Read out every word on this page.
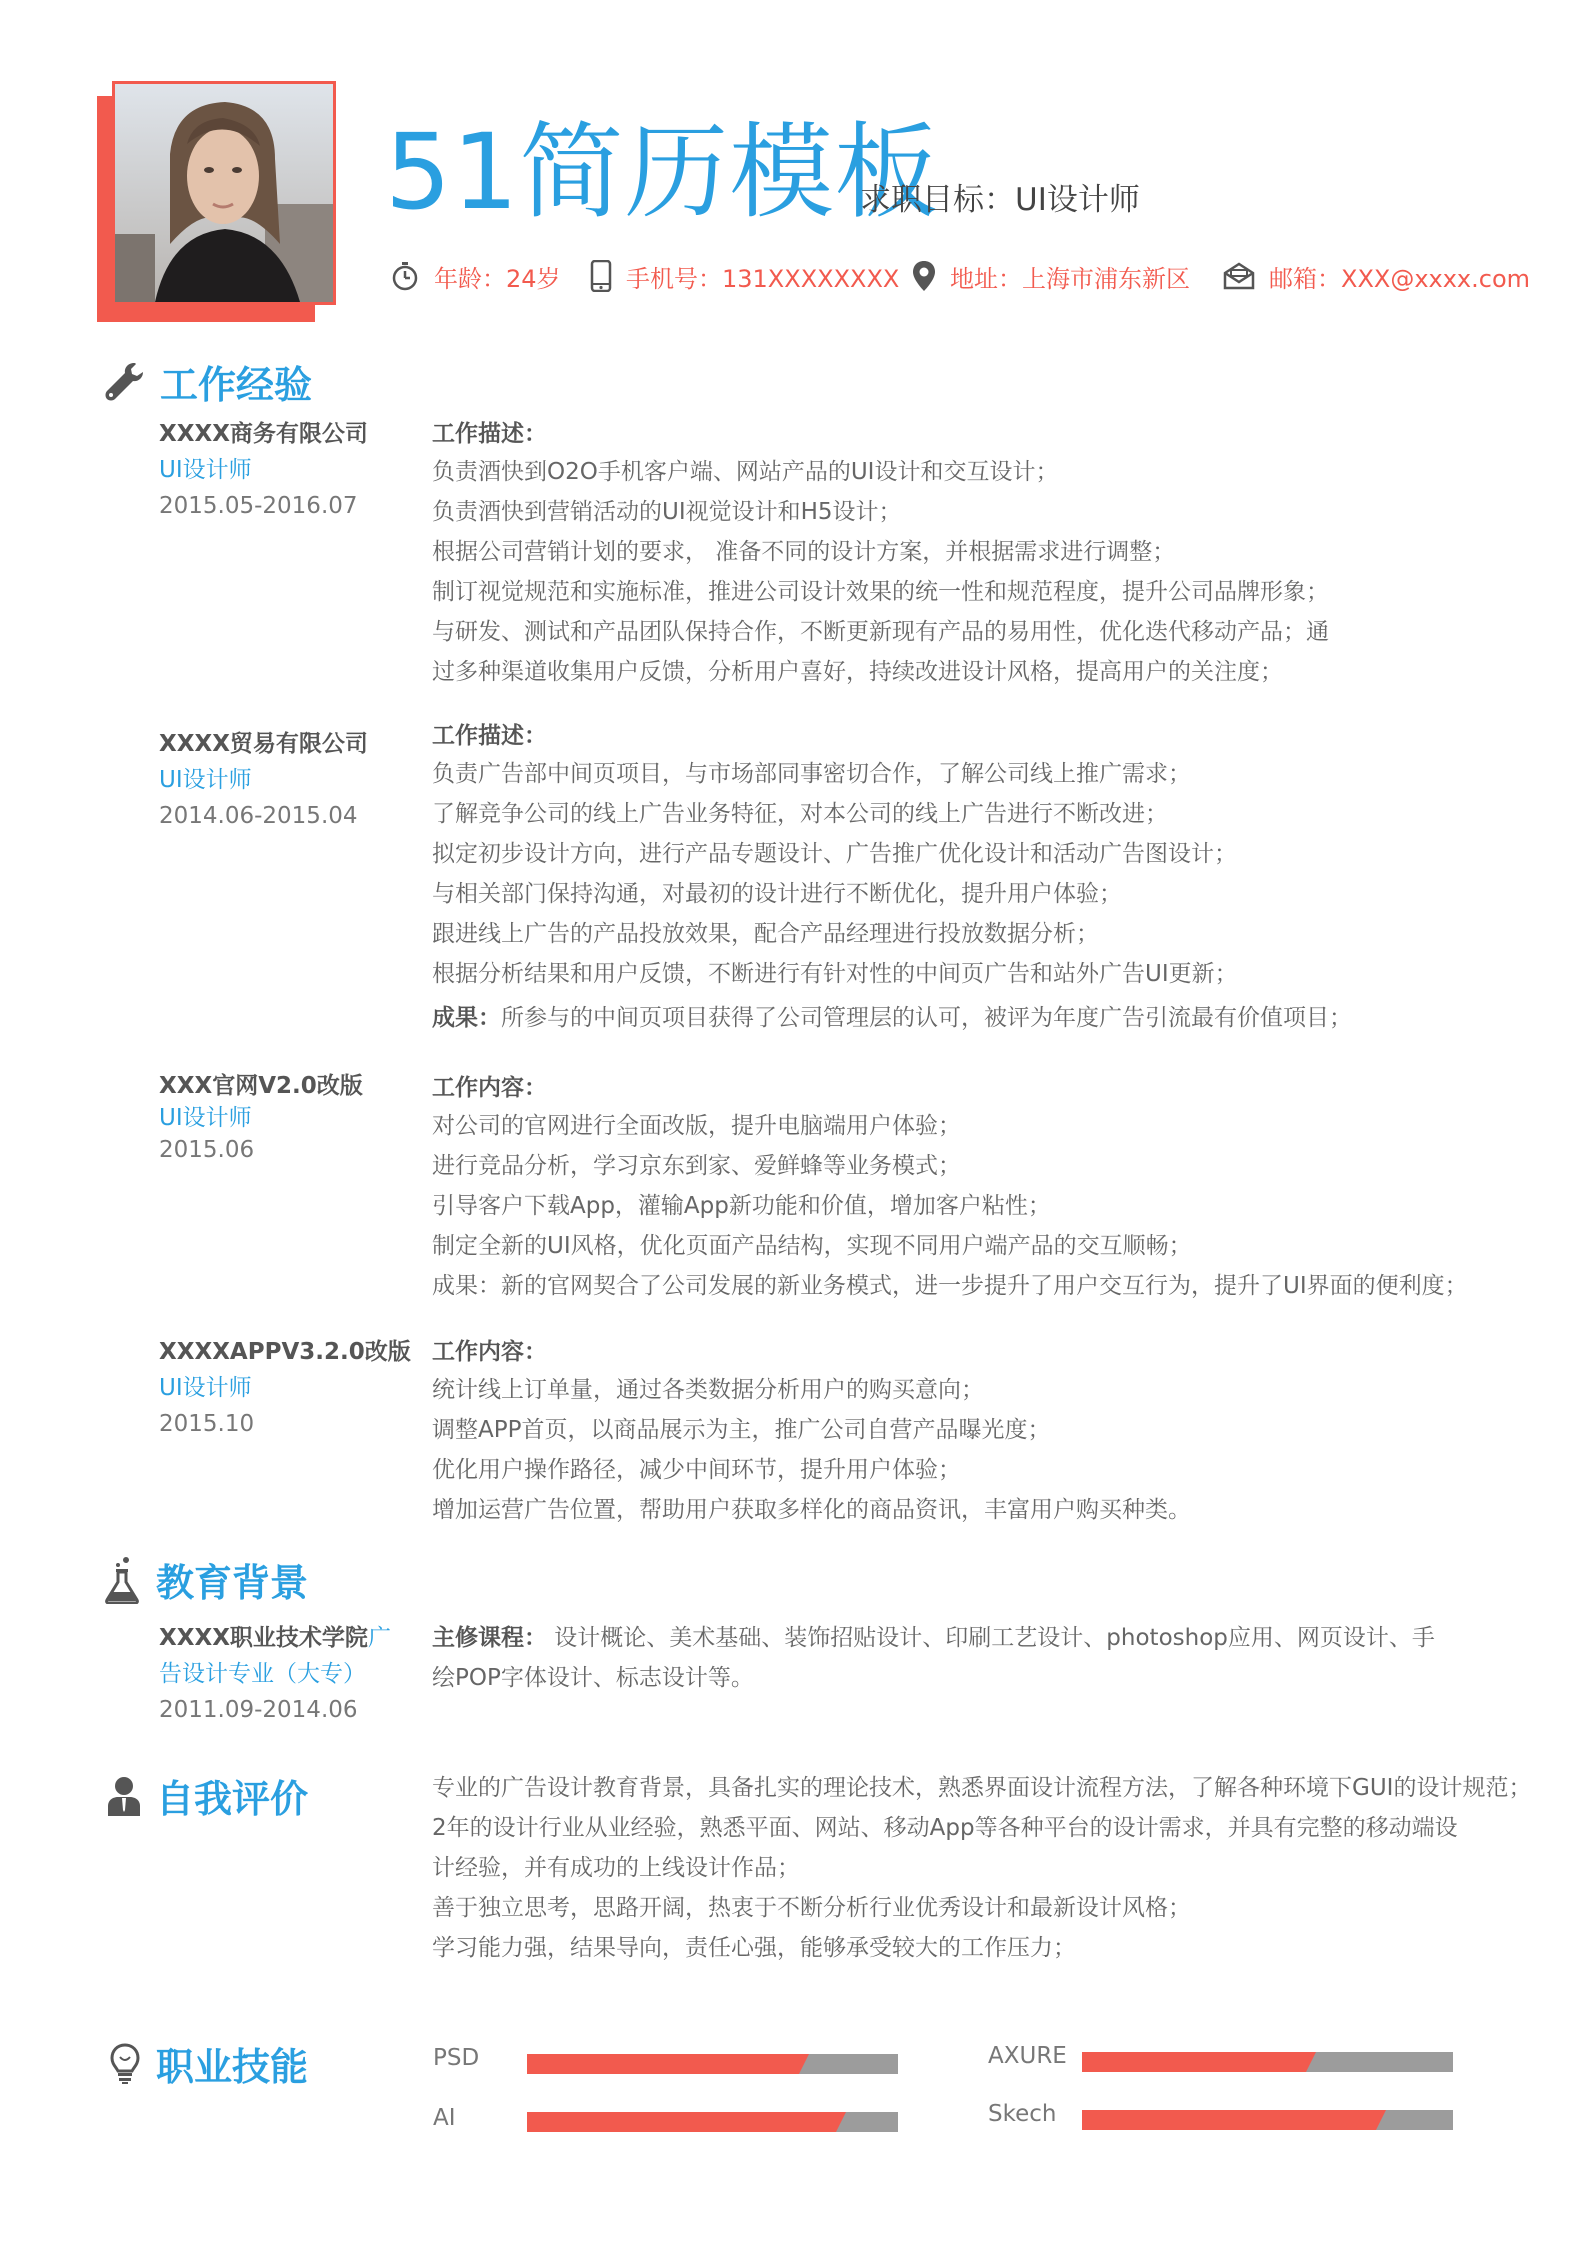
51简历模板
求职目标：UI设计师
年龄：24岁	手机号：131XXXXXXXX 地址：上海市浦东新区	邮箱：XXX@xxxx.com
工作经验
XXXX商务有限公司
UI设计师
2015.05-2016.07
工作描述：
负责酒快到O2O手机客户端、网站产品的UI设计和交互设计；
负责酒快到营销活动的UI视觉设计和H5设计；
根据公司营销计划的要求， 准备不同的设计方案，并根据需求进行调整；
制订视觉规范和实施标准，推进公司设计效果的统一性和规范程度，提升公司品牌形象；
与研发、测试和产品团队保持合作，不断更新现有产品的易用性，优化迭代移动产品；通
过多种渠道收集用户反馈，分析用户喜好，持续改进设计风格，提高用户的关注度；
XXXX贸易有限公司
UI设计师
2014.06-2015.04
工作描述：
负责广告部中间页项目，与市场部同事密切合作，了解公司线上推广需求；
了解竞争公司的线上广告业务特征，对本公司的线上广告进行不断改进；
拟定初步设计方向，进行产品专题设计、广告推广优化设计和活动广告图设计；
与相关部门保持沟通，对最初的设计进行不断优化，提升用户体验；
跟进线上广告的产品投放效果，配合产品经理进行投放数据分析；
根据分析结果和用户反馈，不断进行有针对性的中间页广告和站外广告UI更新；
成果：所参与的中间页项目获得了公司管理层的认可，被评为年度广告引流最有价值项目；
XXX官网V2.0改版
UI设计师
2015.06
工作内容：
对公司的官网进行全面改版，提升电脑端用户体验；
进行竞品分析，学习京东到家、爱鲜蜂等业务模式；
引导客户下载App，灌输App新功能和价值，增加客户粘性；
制定全新的UI风格，优化页面产品结构，实现不同用户端产品的交互顺畅；
成果：新的官网契合了公司发展的新业务模式，进一步提升了用户交互行为，提升了UI界面的便利度；
XXXXAPPV3.2.0改版
UI设计师
2015.10
工作内容：
统计线上订单量，通过各类数据分析用户的购买意向；
调整APP首页，以商品展示为主，推广公司自营产品曝光度；
优化用户操作路径，减少中间环节，提升用户体验；
增加运营广告位置，帮助用户获取多样化的商品资讯，丰富用户购买种类。
教育背景
XXXX职业技术学院广
告设计专业（大专）
2011.09-2014.06
主修课程： 设计概论、美术基础、装饰招贴设计、印刷工艺设计、photoshop应用、网页设计、手
绘POP字体设计、标志设计等。
自我评价	专业的广告设计教育背景，具备扎实的理论技术，熟悉界面设计流程方法，了解各种环境下GUI的设计规范；
2年的设计行业从业经验，熟悉平面、网站、移动App等各种平台的设计需求，并具有完整的移动端设
计经验，并有成功的上线设计作品；
善于独立思考，思路开阔，热衷于不断分析行业优秀设计和最新设计风格；
学习能力强，结果导向，责任心强，能够承受较大的工作压力；
职业技能	PSD
AI
AXURE
Skech
